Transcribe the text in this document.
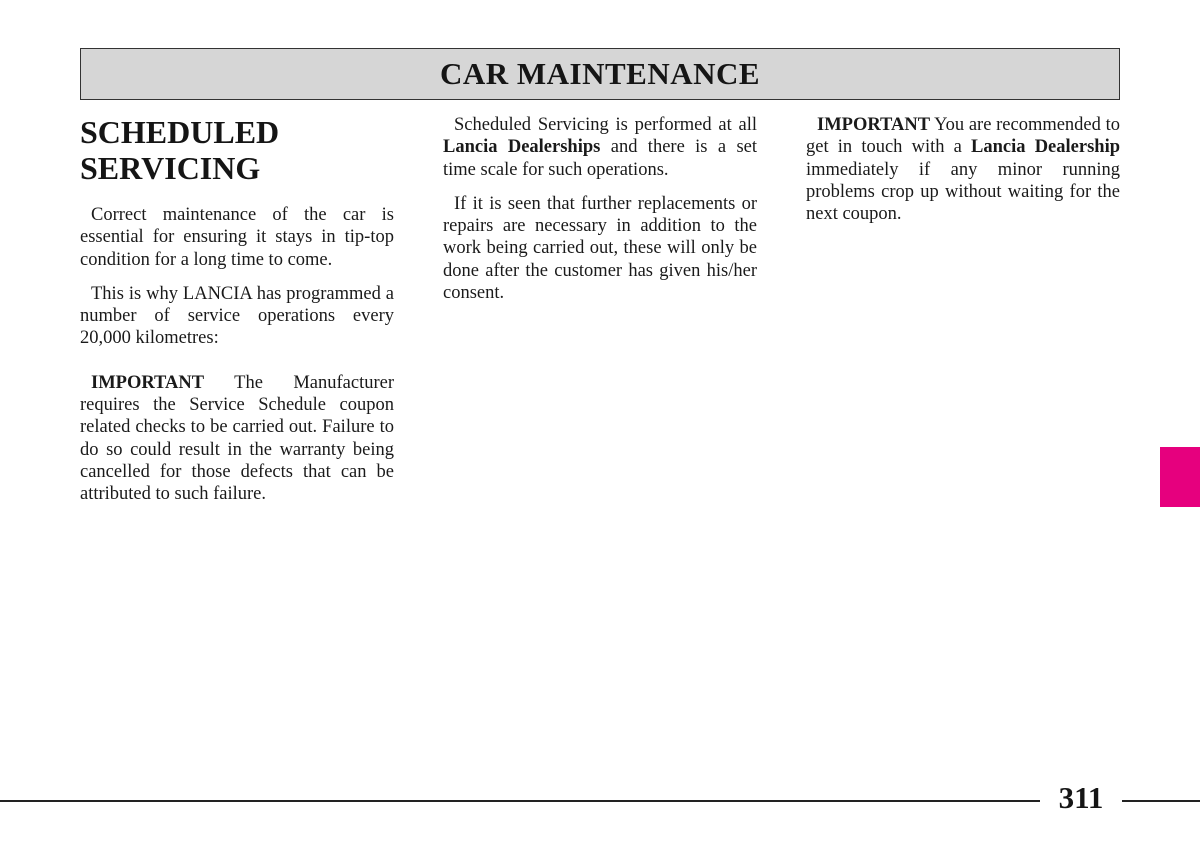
CAR MAINTENANCE
SCHEDULED
SERVICING

Correct maintenance of the car is essential for ensuring it stays in tip-top condition for a long time to come.

This is why LANCIA has programmed a number of service operations every 20,000 kilometres:

IMPORTANT The Manufacturer requires the Service Schedule coupon related checks to be carried out. Failure to do so could result in the warranty being cancelled for those defects that can be attributed to such failure.

Scheduled Servicing is performed at all Lancia Dealerships and there is a set time scale for such operations.

If it is seen that further replacements or repairs are necessary in addition to the work being carried out, these will only be done after the customer has given his/her consent.

IMPORTANT You are recommended to get in touch with a Lancia Dealership immediately if any minor running problems crop up without waiting for the next coupon.

311
